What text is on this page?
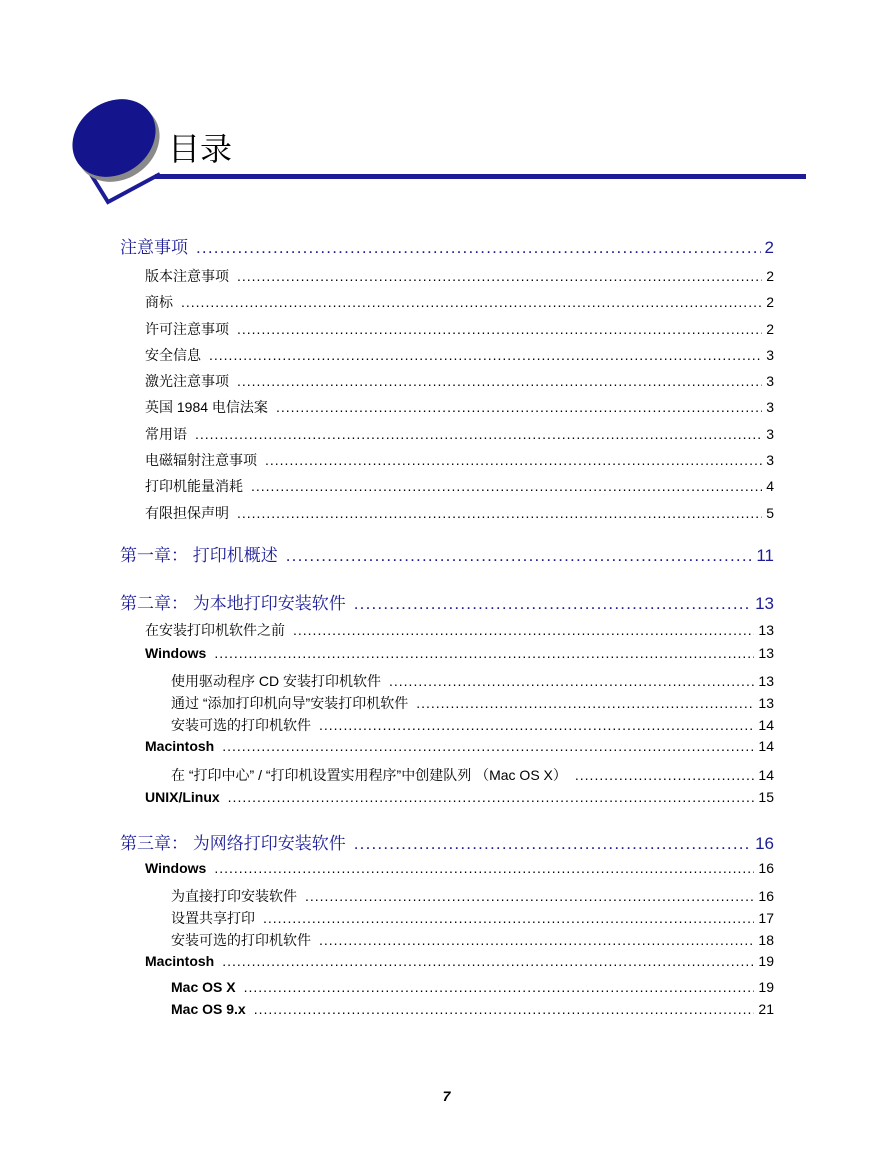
目录
注意事项 .....	2
版本注意事项 .....	2
商标 .....	2
许可注意事项 .....	2
安全信息 .....	3
激光注意事项 .....	3
英国 1984 电信法案 .....	3
常用语 .....	3
电磁辐射注意事项 .....	3
打印机能量消耗 .....	4
有限担保声明 .....	5
第一章： 打印机概述 .....	11
第二章： 为本地打印安装软件 .....	13
在安装打印机软件之前 .....	13
Windows .....	13
使用驱动程序 CD 安装打印机软件 .....	13
通过 “添加打印机向导”安装打印机软件 .....	13
安装可选的打印机软件 .....	14
Macintosh .....	14
在 “打印中心” / “打印机设置实用程序”中创建队列 （Mac OS X） .....	14
UNIX/Linux .....	15
第三章： 为网络打印安装软件 .....	16
Windows .....	16
为直接打印安装软件 .....	16
设置共享打印 .....	17
安装可选的打印机软件 .....	18
Macintosh .....	19
Mac OS X .....	19
Mac OS 9.x .....	21
7
